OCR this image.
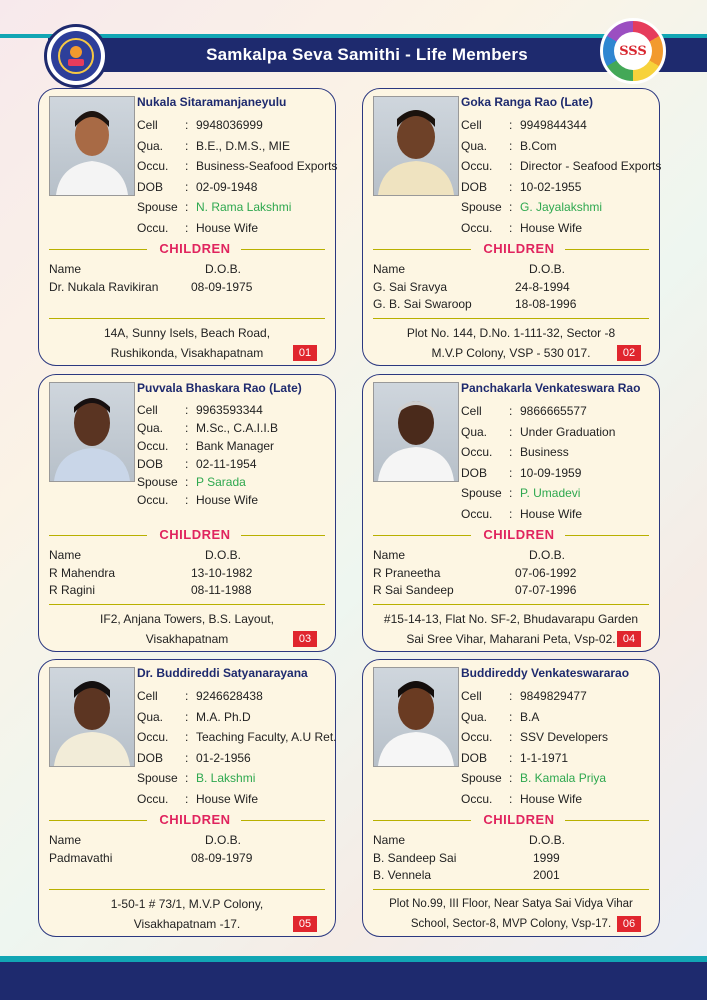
Samkalpa Seva Samithi - Life Members	SSS
Nukala Sitaramanjaneyulu
Cell	: 9948036999
Qua.	: B.E., D.M.S., MIE
Occu.	: Business-Seafood Exports
DOB	: 02-09-1948
Spouse : N. Rama Lakshmi
Occu.	: House Wife
CHILDREN
Name	D.O.B.
Dr. Nukala Ravikiran	08-09-1975
14A, Sunny Isels, Beach Road,
Rushikonda, Visakhapatnam	01
Goka Ranga Rao (Late)
Cell	: 9949844344
Qua.	: B.Com
Occu.	: Director - Seafood Exports
DOB	: 10-02-1955
Spouse : G. Jayalakshmi
Occu.	: House Wife
CHILDREN
Name	D.O.B.
G. Sai Sravya	24-8-1994
G. B. Sai Swaroop	18-08-1996
Plot No. 144, D.No. 1-111-32, Sector -8
M.V.P Colony, VSP - 530 017.	02
Puvvala Bhaskara Rao (Late)
Cell	: 9963593344
Qua.	: M.Sc., C.A.I.I.B
Occu.	: Bank Manager
DOB	: 02-11-1954
Spouse : P Sarada
Occu.	: House Wife
CHILDREN
Name	D.O.B.
R Mahendra	13-10-1982
R Ragini	08-11-1988
IF2, Anjana Towers, B.S. Layout,
Visakhapatnam	03
Panchakarla Venkateswara Rao
Cell	: 9866665577
Qua.	: Under Graduation
Occu.	: Business
DOB	: 10-09-1959
Spouse : P. Umadevi
Occu.	: House Wife
CHILDREN
Name	D.O.B.
R Praneetha	07-06-1992
R Sai Sandeep	07-07-1996
#15-14-13, Flat No. SF-2, Bhudavarapu Garden
Sai Sree Vihar, Maharani Peta, Vsp-02. 04
Dr. Buddireddi Satyanarayana
Cell	: 9246628438
Qua.	: M.A. Ph.D
Occu.	: Teaching Faculty, A.U Ret.
DOB	: 01-2-1956
Spouse : B. Lakshmi
Occu.	: House Wife
CHILDREN
Name	D.O.B.
Padmavathi	08-09-1979
1-50-1 # 73/1, M.V.P Colony,
Visakhapatnam -17.	05
Buddireddy Venkateswararao
Cell	: 9849829477
Qua.	: B.A
Occu.	: SSV Developers
DOB	: 1-1-1971
Spouse : B. Kamala Priya
Occu.	: House Wife
CHILDREN
Name	D.O.B.
B. Sandeep Sai	1999
B. Vennela	2001
Plot No.99, III Floor, Near Satya Sai Vidya Vihar
School, Sector-8, MVP Colony, Vsp-17.	06
